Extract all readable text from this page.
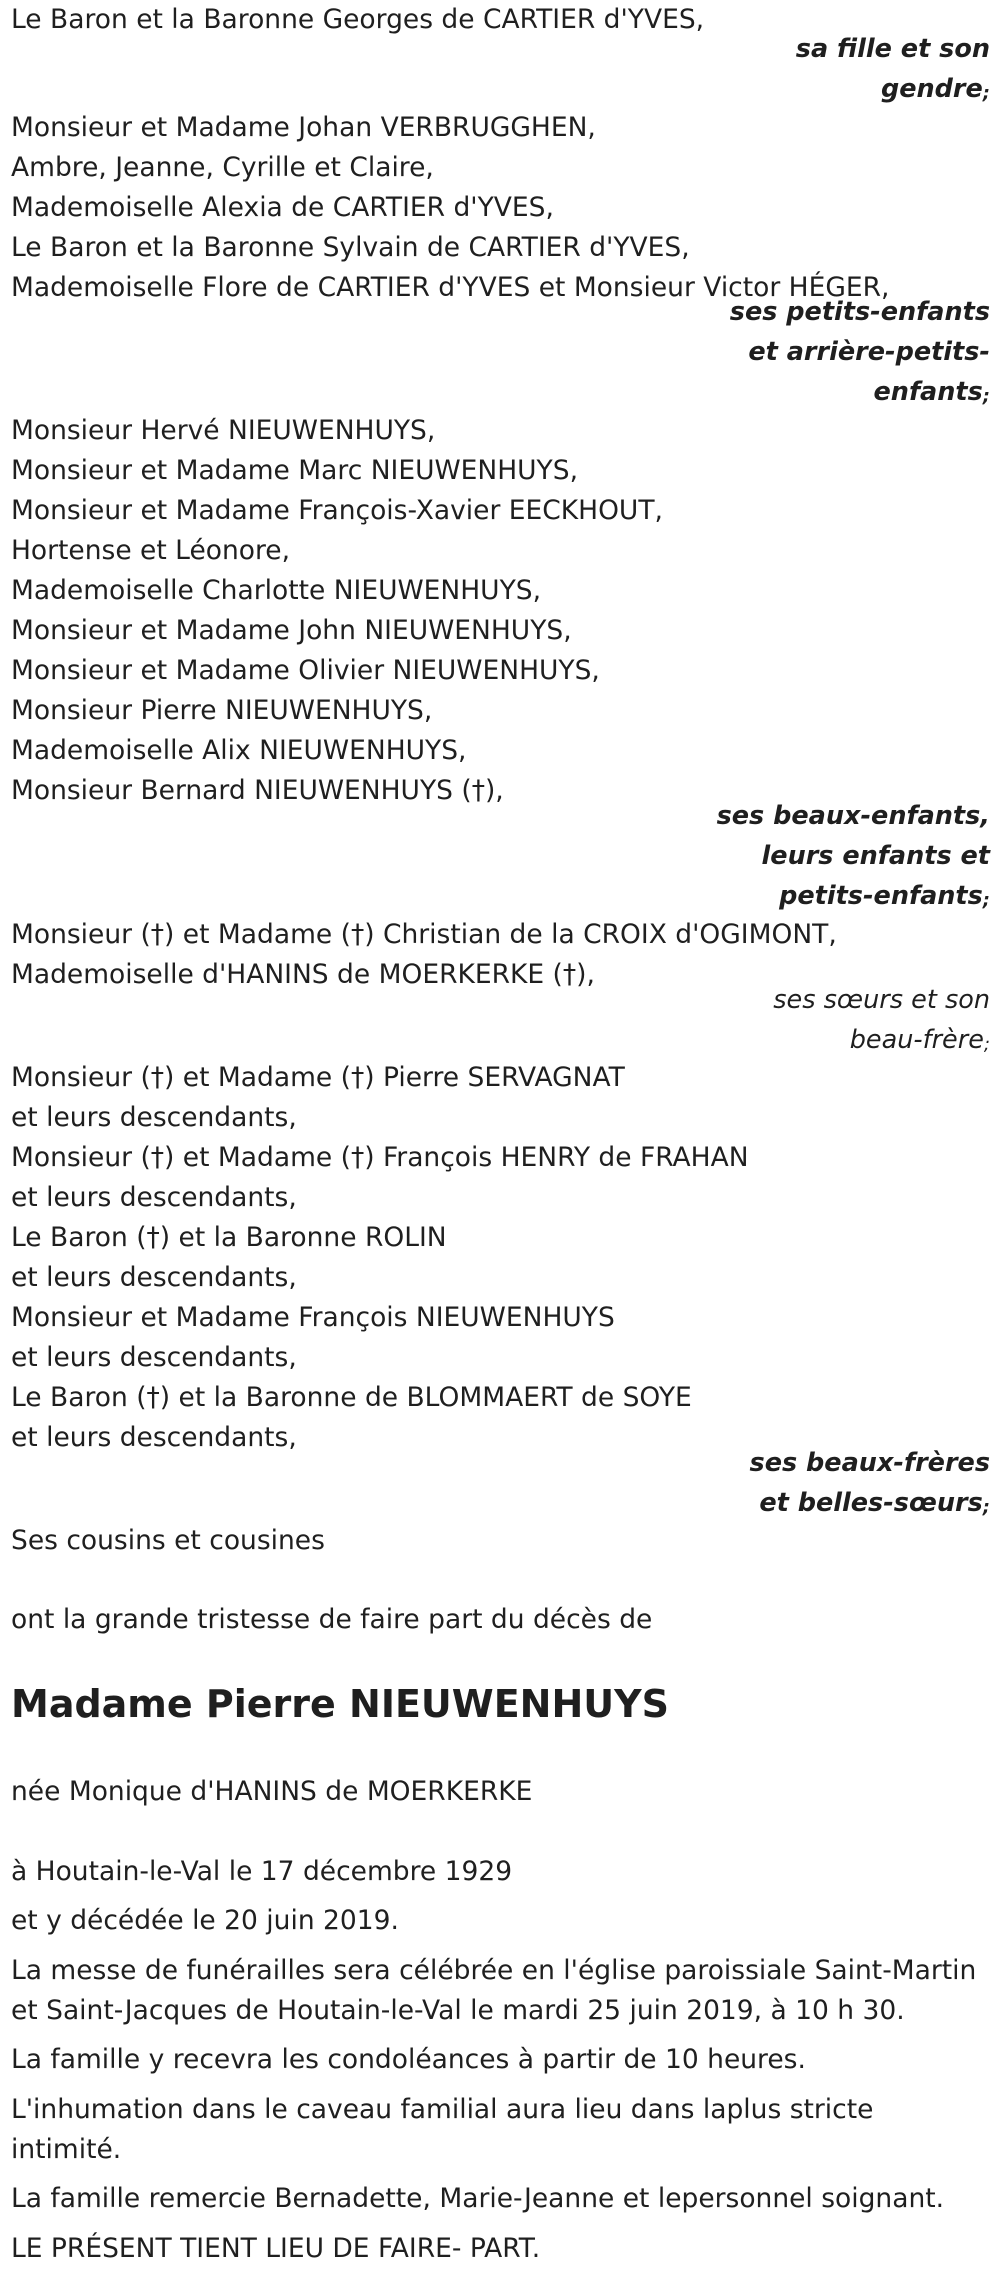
Le Baron et la Baronne Georges de CARTIER d'YVES,

sa fille et son

gendre;

Monsieur et Madame Johan VERBRUGGHEN,

Ambre, Jeanne, Cyrille et Claire,

Mademoiselle Alexia de CARTIER d'YVES,

Le Baron et la Baronne Sylvain de CARTIER d'YVES,

Mademoiselle Flore de CARTIER d'YVES et Monsieur Victor HÉGER,

ses petits-enfants

et arrière-petits-

enfants;

Monsieur Hervé NIEUWENHUYS,

Monsieur et Madame Marc NIEUWENHUYS,

Monsieur et Madame François-Xavier EECKHOUT,

Hortense et Léonore,

Mademoiselle Charlotte NIEUWENHUYS,

Monsieur et Madame John NIEUWENHUYS,

Monsieur et Madame Olivier NIEUWENHUYS,

Monsieur Pierre NIEUWENHUYS,

Mademoiselle Alix NIEUWENHUYS,

Monsieur Bernard NIEUWENHUYS (†),

ses beaux-enfants,

leurs enfants et

petits-enfants;

Monsieur (†) et Madame (†) Christian de la CROIX d'OGIMONT,

Mademoiselle d'HANINS de MOERKERKE (†),

ses sœurs et son

beau-frère;

Monsieur (†) et Madame (†) Pierre SERVAGNAT

et leurs descendants,

Monsieur (†) et Madame (†) François HENRY de FRAHAN

et leurs descendants,

Le Baron (†) et la Baronne ROLIN

et leurs descendants,

Monsieur et Madame François NIEUWENHUYS

et leurs descendants,

Le Baron (†) et la Baronne de BLOMMAERT de SOYE

et leurs descendants,

ses beaux-frères

et belles-sœurs;

Ses cousins et cousines

ont la grande tristesse de faire part du décès de

Madame Pierre NIEUWENHUYS

née Monique d'HANINS de MOERKERKE

à Houtain-le-Val le 17 décembre 1929

et y décédée le 20 juin 2019.

La messe de funérailles sera célébrée en l'église paroissiale Saint-Martin

et Saint-Jacques de Houtain-le-Val le mardi 25 juin 2019, à 10 h 30.

La famille y recevra les condoléances à partir de 10 heures.

L'inhumation dans le caveau familial aura lieu dans laplus stricte

intimité.

La famille remercie Bernadette, Marie-Jeanne et lepersonnel soignant.

LE PRÉSENT TIENT LIEU DE FAIRE- PART.
